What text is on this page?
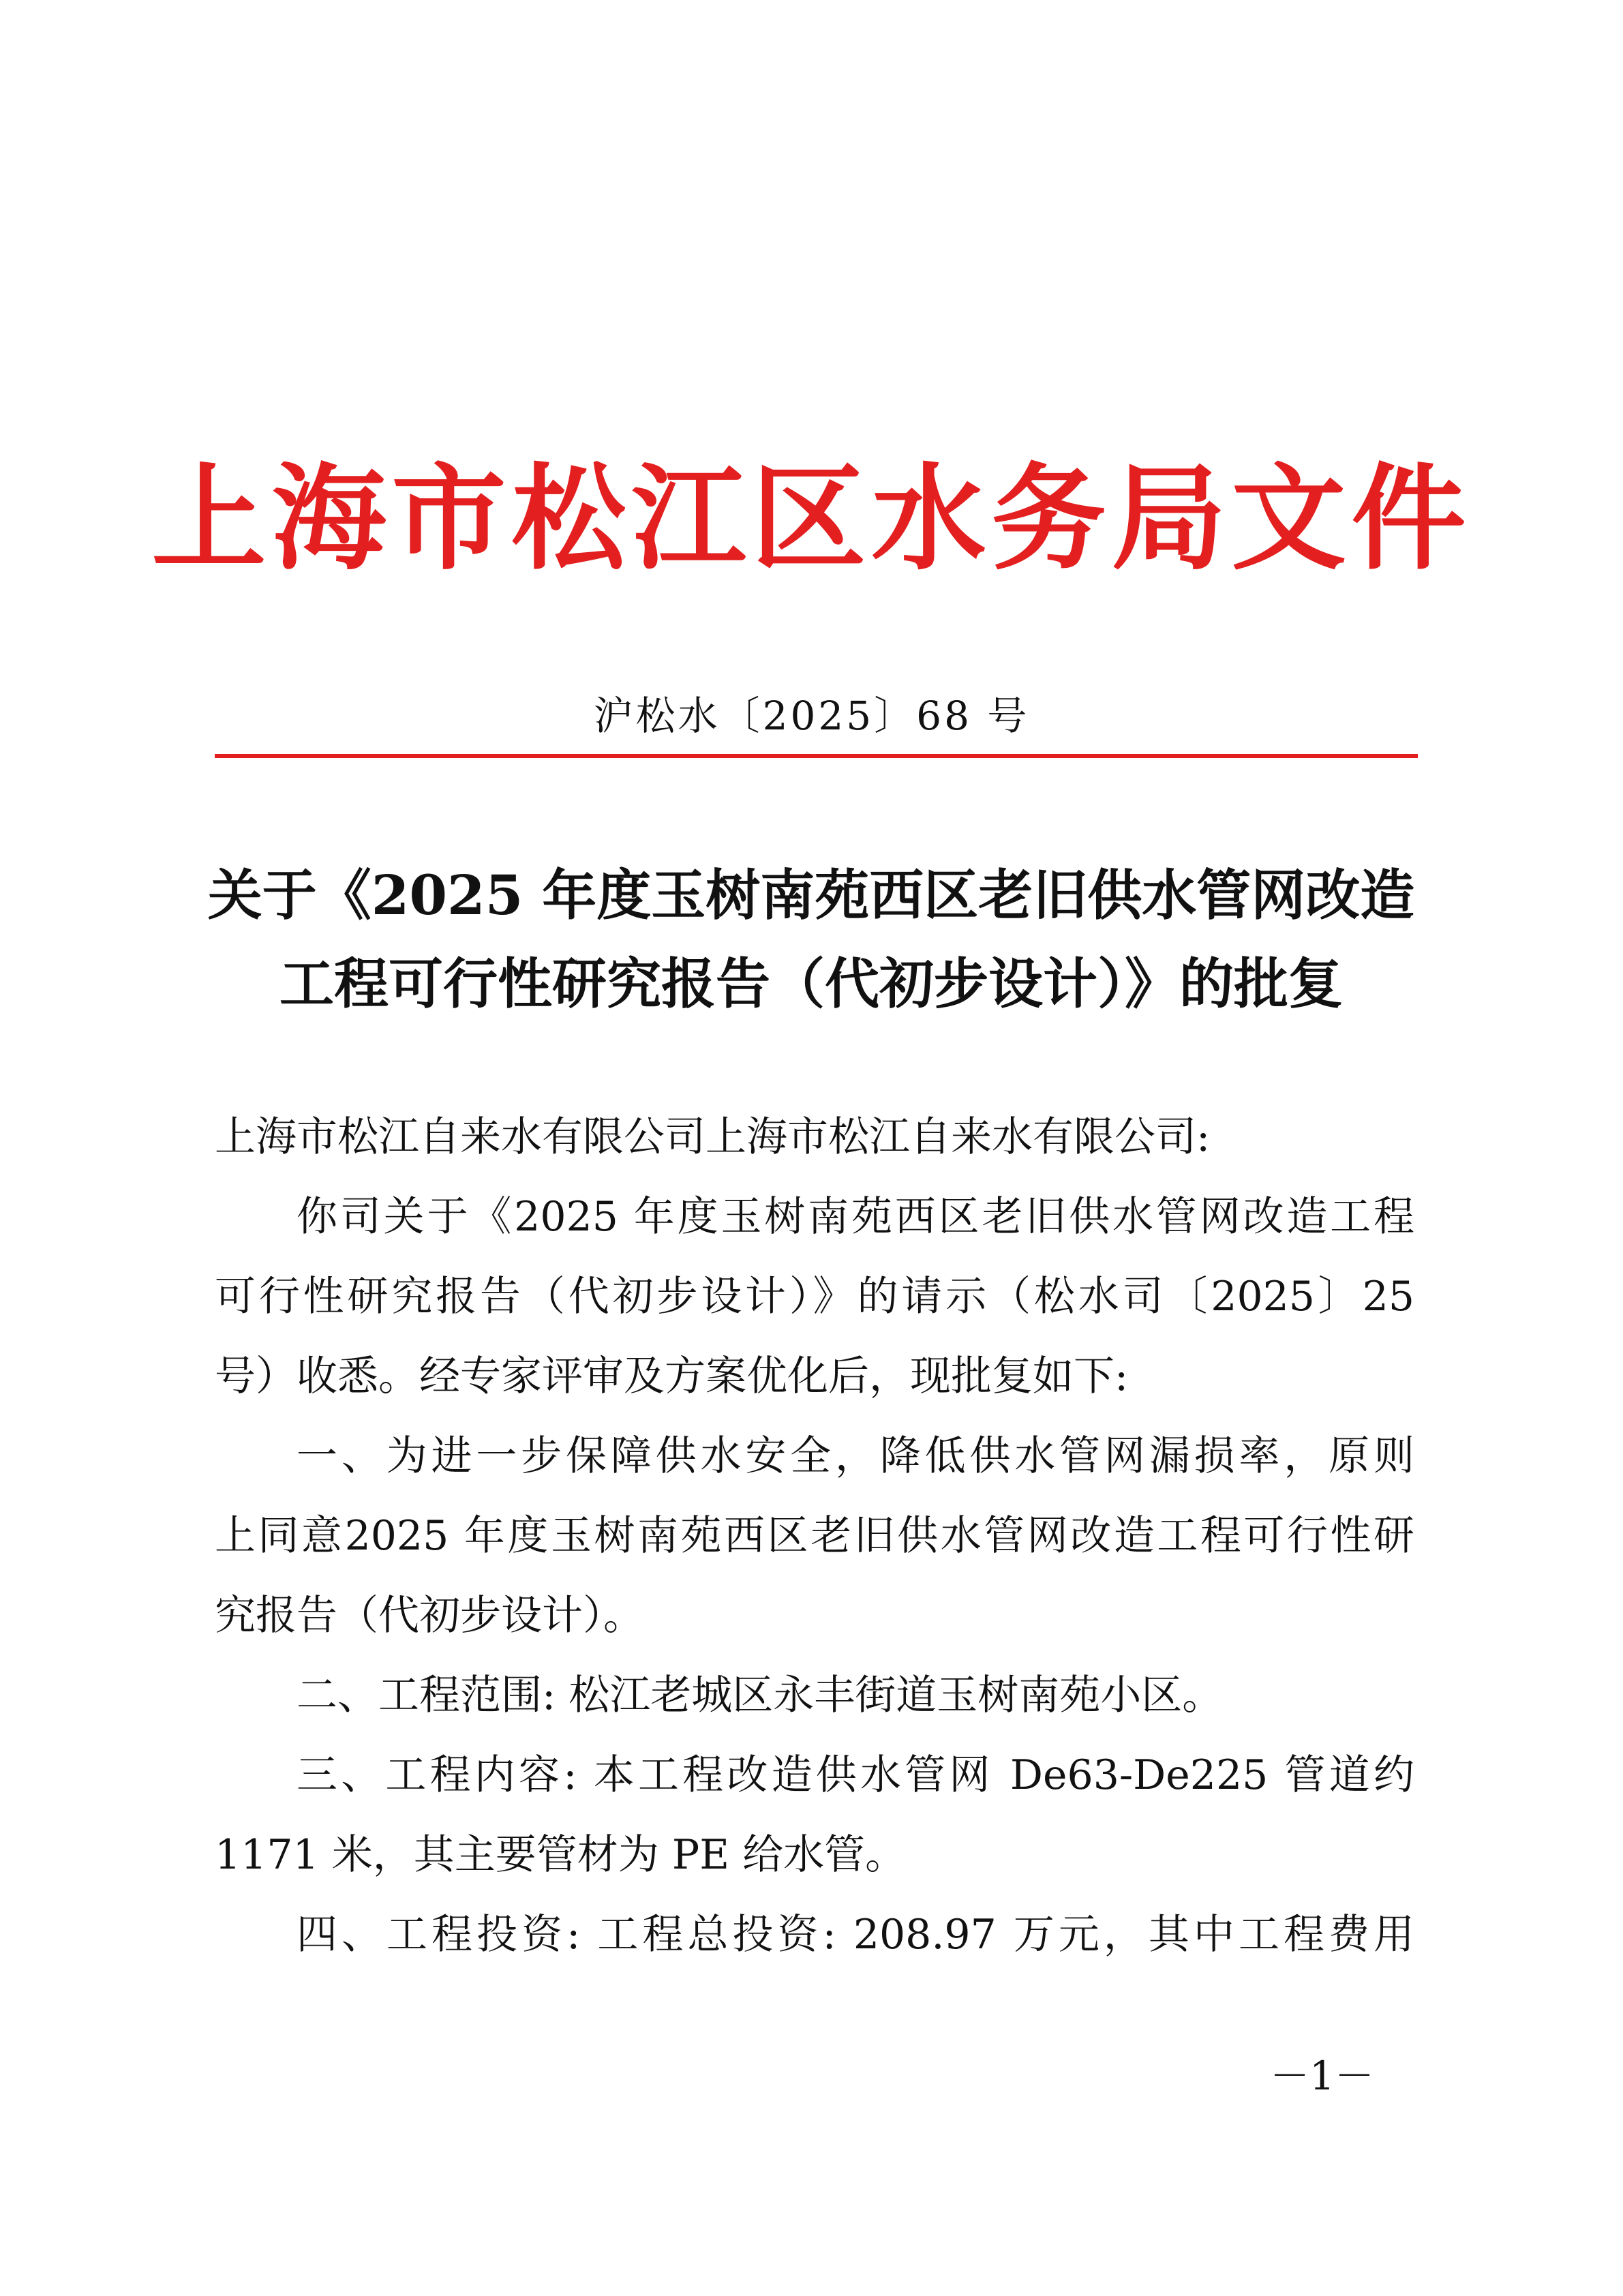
上海市松江区水务局文件
沪松水〔2025〕68 号
关于《2025 年度玉树南苑西区老旧供水管网改造
工程可行性研究报告（代初步设计）》的批复
上海市松江自来水有限公司上海市松江自来水有限公司:
你司关于《2025 年度玉树南苑西区老旧供水管网改造工程
可行性研究报告（代初步设计）》的请示（松水司〔2025〕25
号）收悉。经专家评审及方案优化后，现批复如下:
一、为进一步保障供水安全，降低供水管网漏损率，原则
上同意2025 年度玉树南苑西区老旧供水管网改造工程可行性研
究报告（代初步设计）。
二、工程范围: 松江老城区永丰街道玉树南苑小区。
三、工程内容: 本工程改造供水管网 De63-De225 管道约
1171 米，其主要管材为 PE 给水管。
四、工程投资: 工程总投资: 208.97 万元，其中工程费用
－1－
